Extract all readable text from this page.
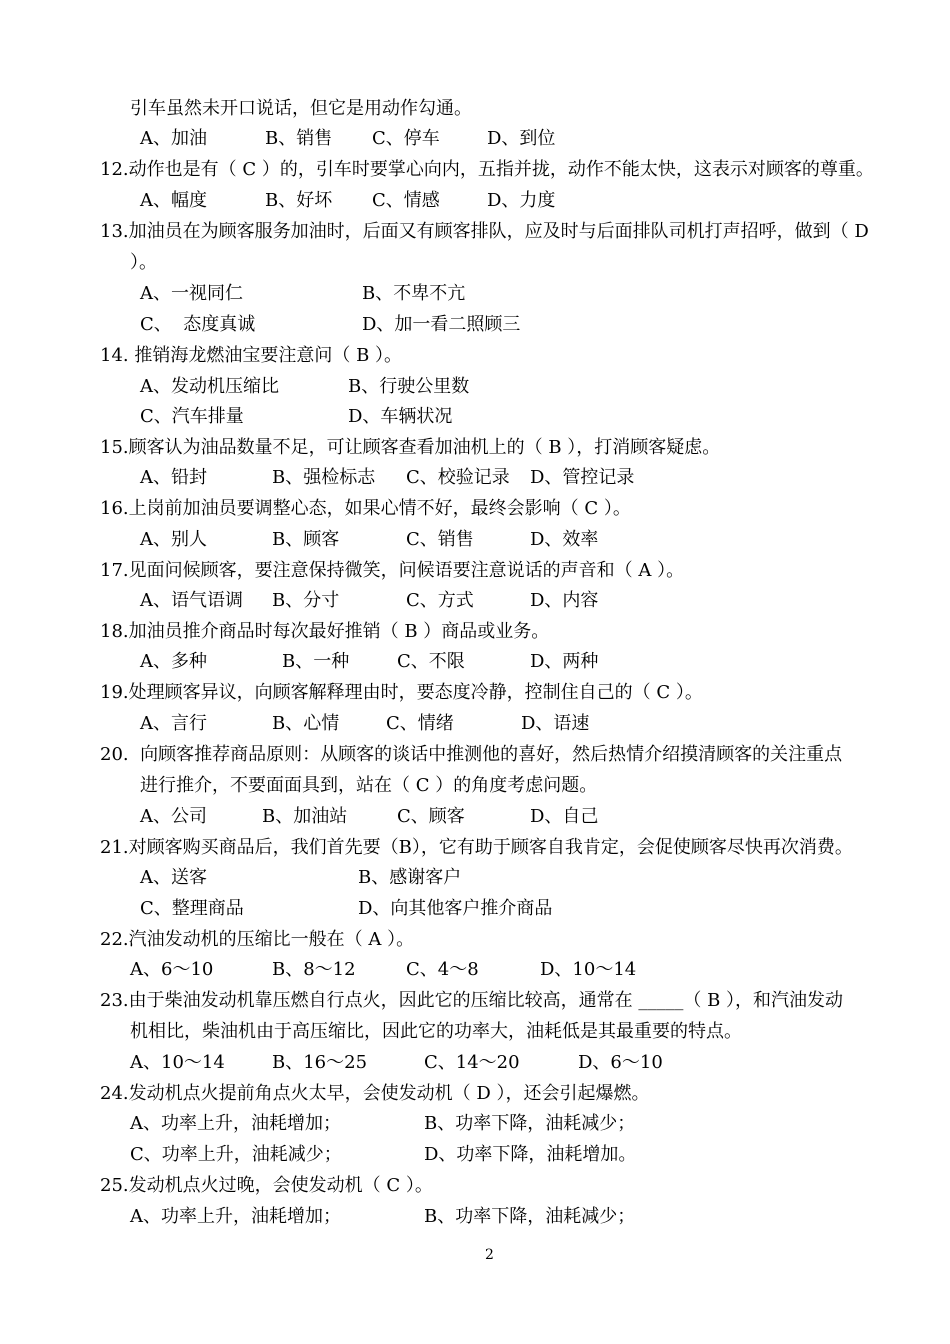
2
引车虽然未开口说话，但它是用动作勾通。
A、加油	B、销售 C、停车	D、到位
12.动作也是有（ C ）的，引车时要掌心向内，五指并拢，动作不能太快，这表示对顾客的尊重。
A、幅度	B、好坏 C、情感	D、力度
13.加油员在为顾客服务加油时，后面又有顾客排队，应及时与后面排队司机打声招呼，做到（ D
）。
A、一视同仁	B、不卑不亢
C、  态度真诚	D、加一看二照顾三
14. 推销海龙燃油宝要注意问（ B ）。
A、发动机压缩比	B、行驶公里数
C、汽车排量	D、车辆状况
15.顾客认为油品数量不足，可让顾客查看加油机上的（ B ），打消顾客疑虑。
A、铅封	B、强检标志 C、校验记录 D、管控记录
16.上岗前加油员要调整心态，如果心情不好，最终会影响（ C ）。
A、别人	B、顾客	C、销售	D、效率
17.见面问候顾客，要注意保持微笑，问候语要注意说话的声音和（ A ）。
A、语气语调 B、分寸	C、方式	D、内容
18.加油员推介商品时每次最好推销（ B ）商品或业务。
A、多种	B、一种	C、不限	D、两种
19.处理顾客异议，向顾客解释理由时，要态度冷静，控制住自己的（ C ）。
A、言行	B、心情	C、情绪	D、语速
20.  向顾客推荐商品原则：从顾客的谈话中推测他的喜好，然后热情介绍摸清顾客的关注重点
进行推介，不要面面具到，站在（ C ）的角度考虑问题。
A、公司	B、加油站	C、顾客	D、自己
21.对顾客购买商品后，我们首先要（B），它有助于顾客自我肯定，会促使顾客尽快再次消费。
A、送客	B、感谢客户
C、整理商品	D、向其他客户推介商品
22.汽油发动机的压缩比一般在（ A ）。
A、6～10	B、8～12	C、4～8	D、10～14
23.由于柴油发动机靠压燃自行点火，因此它的压缩比较高，通常在 _____（ B ），和汽油发动
机相比，柴油机由于高压缩比，因此它的功率大，油耗低是其最重要的特点。
A、10～14	B、16～25	C、14～20	D、6～10
24.发动机点火提前角点火太早，会使发动机（ D ），还会引起爆燃。
A、功率上升，油耗增加；	B、功率下降，油耗减少；
C、功率上升，油耗减少；	D、功率下降，油耗增加。
25.发动机点火过晚，会使发动机（ C ）。
A、功率上升，油耗增加；	B、功率下降，油耗减少；
